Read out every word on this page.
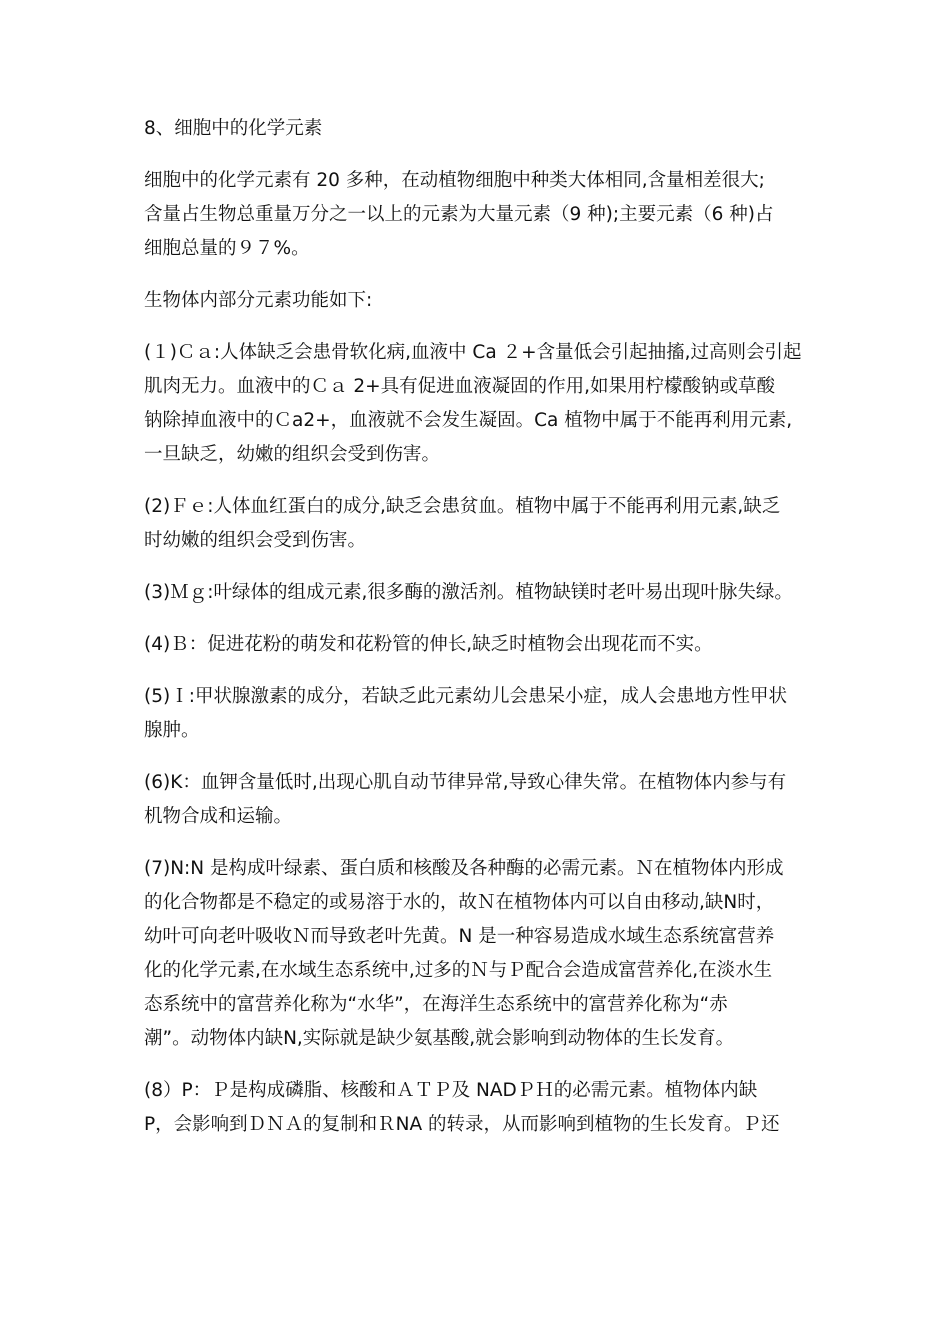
8、细胞中的化学元素
细胞中的化学元素有 20 多种，在动植物细胞中种类大体相同,含量相差很大;
含量占生物总重量万分之一以上的元素为大量元素（9 种);主要元素（6 种)占
细胞总量的９７%。
生物体内部分元素功能如下:
(１)Ｃａ:人体缺乏会患骨软化病,血液中 Ca ２+含量低会引起抽搐,过高则会引起
肌肉无力。血液中的Ｃａ 2+具有促进血液凝固的作用,如果用柠檬酸钠或草酸
钠除掉血液中的Ｃa2+，血液就不会发生凝固。Ca 植物中属于不能再利用元素,
一旦缺乏，幼嫩的组织会受到伤害。
(2)Ｆｅ:人体血红蛋白的成分,缺乏会患贫血。植物中属于不能再利用元素,缺乏
时幼嫩的组织会受到伤害。
(3)Ｍｇ:叶绿体的组成元素,很多酶的激活剂。植物缺镁时老叶易出现叶脉失绿。
(4)Ｂ：促进花粉的萌发和花粉管的伸长,缺乏时植物会出现花而不实。
(5)Ｉ:甲状腺激素的成分，若缺乏此元素幼儿会患呆小症，成人会患地方性甲状
腺肿。
(6)K：血钾含量低时,出现心肌自动节律异常,导致心律失常。在植物体内参与有
机物合成和运输。
(7)N:N 是构成叶绿素、蛋白质和核酸及各种酶的必需元素。Ｎ在植物体内形成
的化合物都是不稳定的或易溶于水的，故Ｎ在植物体内可以自由移动,缺N时，
幼叶可向老叶吸收Ｎ而导致老叶先黄。N 是一种容易造成水域生态系统富营养
化的化学元素,在水域生态系统中,过多的Ｎ与Ｐ配合会造成富营养化,在淡水生
态系统中的富营养化称为“水华”，在海洋生态系统中的富营养化称为“赤
潮”。动物体内缺N,实际就是缺少氨基酸,就会影响到动物体的生长发育。
(8）P：Ｐ是构成磷脂、核酸和ＡＴＰ及 NADＰＨ的必需元素。植物体内缺
P，会影响到ＤＮＡ的复制和ＲNA 的转录，从而影响到植物的生长发育。Ｐ还
